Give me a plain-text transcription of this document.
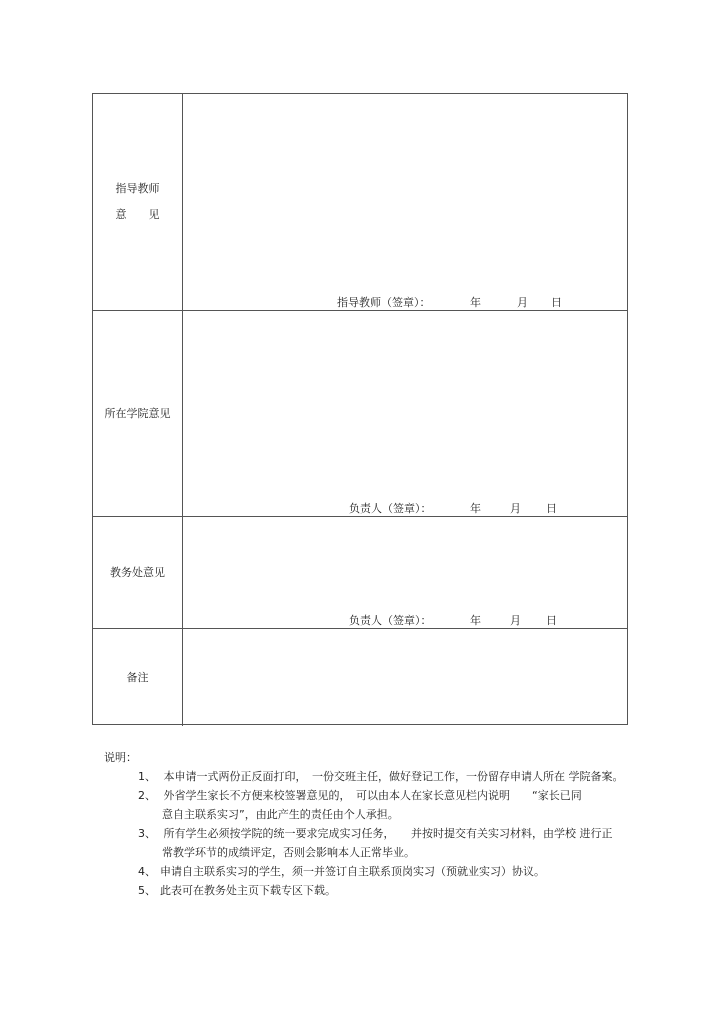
指导教师
意　　见
指导教师（签章）：	年	月 日
所在学院意见
负责人（签章）：	年	月 日
教务处意见
负责人（签章）：	年	月 日
备注
说明：
1、 本申请一式两份正反面打印，　一份交班主任，做好登记工作，一份留存申请人所在 学院备案。
2、 外省学生家长不方便来校签署意见的，　可以由本人在家长意见栏内说明　　“家长已同
意自主联系实习”，由此产生的责任由个人承担。
3、 所有学生必须按学院的统一要求完成实习任务，　　并按时提交有关实习材料，由学校 进行正
常教学环节的成绩评定，否则会影响本人正常毕业。
4、 申请自主联系实习的学生，须一并签订自主联系顶岗实习（预就业实习）协议。
5、 此表可在教务处主页下载专区下载。
